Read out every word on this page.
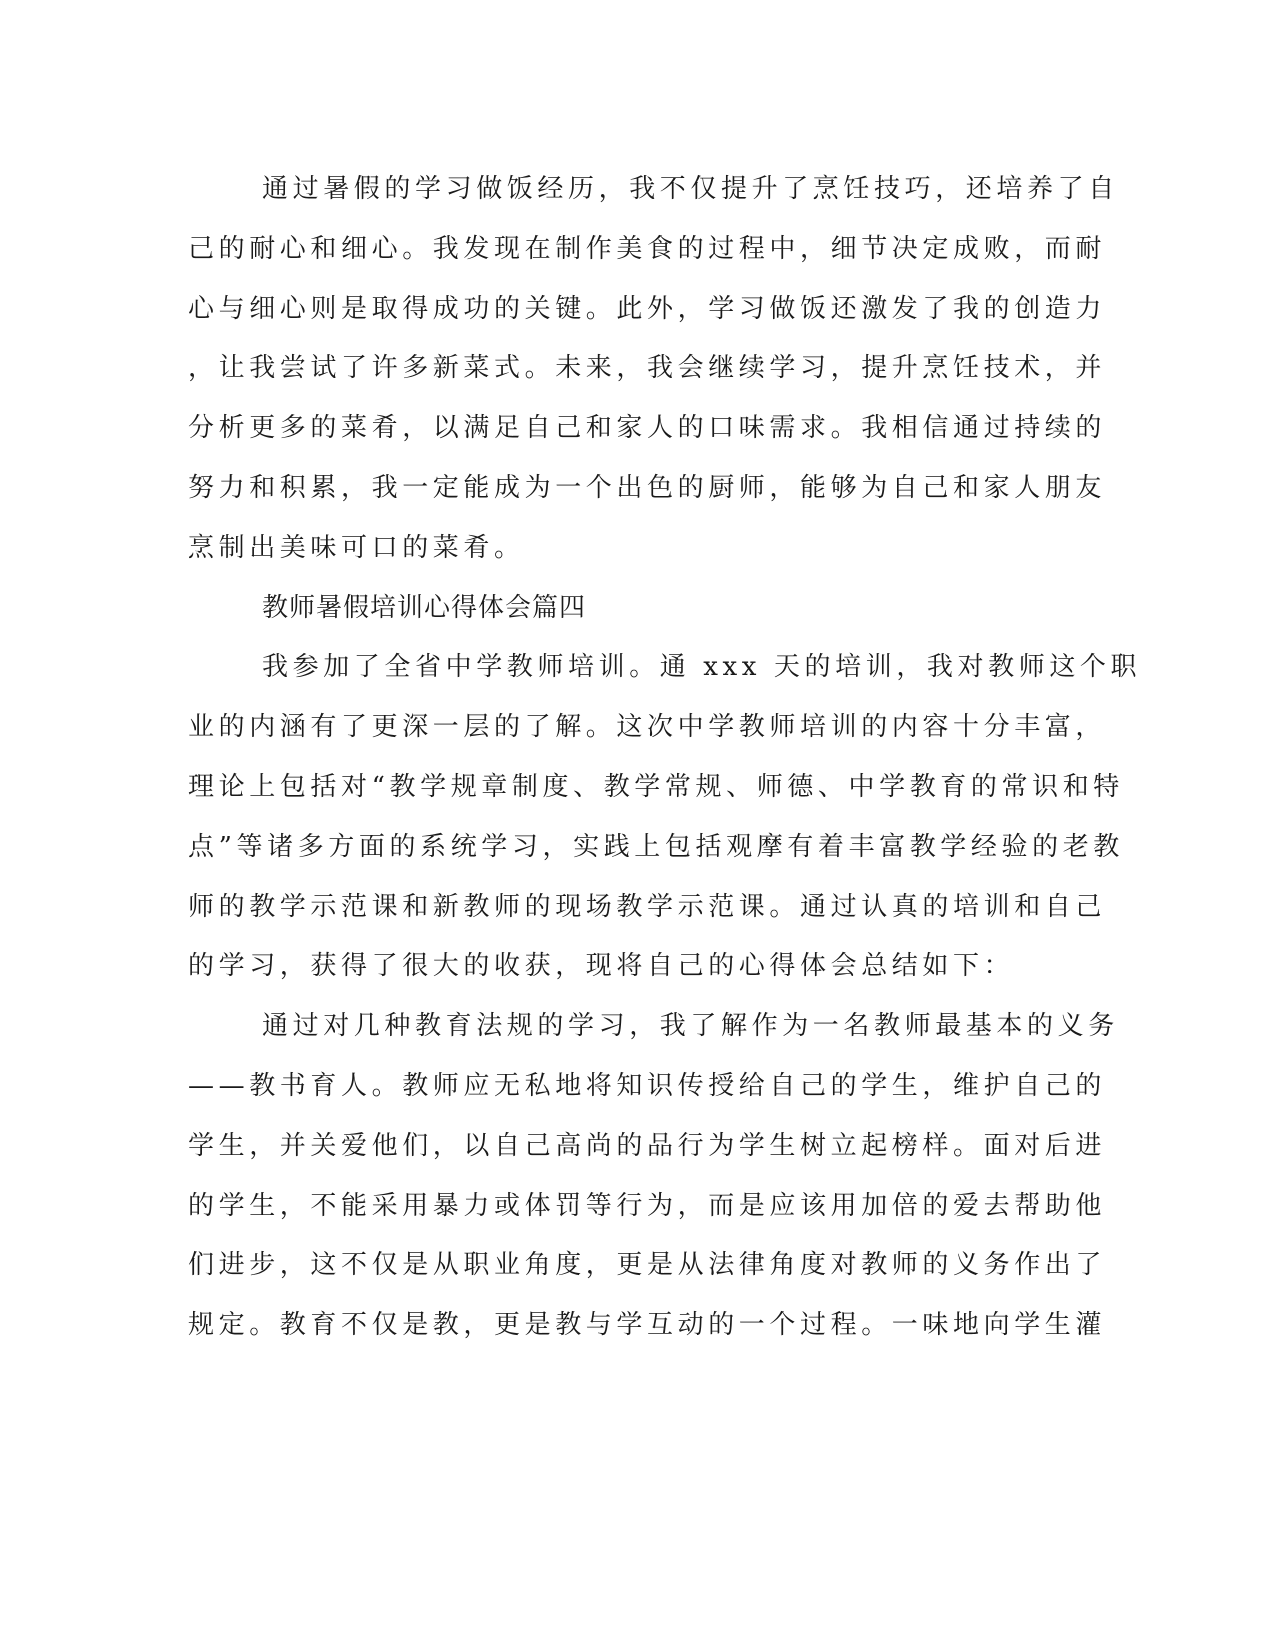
通过暑假的学习做饭经历，我不仅提升了烹饪技巧，还培养了自
己的耐心和细心。我发现在制作美食的过程中，细节决定成败，而耐
心与细心则是取得成功的关键。此外，学习做饭还激发了我的创造力
，让我尝试了许多新菜式。未来，我会继续学习，提升烹饪技术，并
分析更多的菜肴，以满足自己和家人的口味需求。我相信通过持续的
努力和积累，我一定能成为一个出色的厨师，能够为自己和家人朋友
烹制出美味可口的菜肴。
教师暑假培训心得体会篇四
我参加了全省中学教师培训。通 xxx 天的培训，我对教师这个职
业的内涵有了更深一层的了解。这次中学教师培训的内容十分丰富，
理论上包括对“教学规章制度、教学常规、师德、中学教育的常识和特
点”等诸多方面的系统学习，实践上包括观摩有着丰富教学经验的老教
师的教学示范课和新教师的现场教学示范课。通过认真的培训和自己
的学习，获得了很大的收获，现将自己的心得体会总结如下：
通过对几种教育法规的学习，我了解作为一名教师最基本的义务
——教书育人。教师应无私地将知识传授给自己的学生，维护自己的
学生，并关爱他们，以自己高尚的品行为学生树立起榜样。面对后进
的学生，不能采用暴力或体罚等行为，而是应该用加倍的爱去帮助他
们进步，这不仅是从职业角度，更是从法律角度对教师的义务作出了
规定。教育不仅是教，更是教与学互动的一个过程。一味地向学生灌
